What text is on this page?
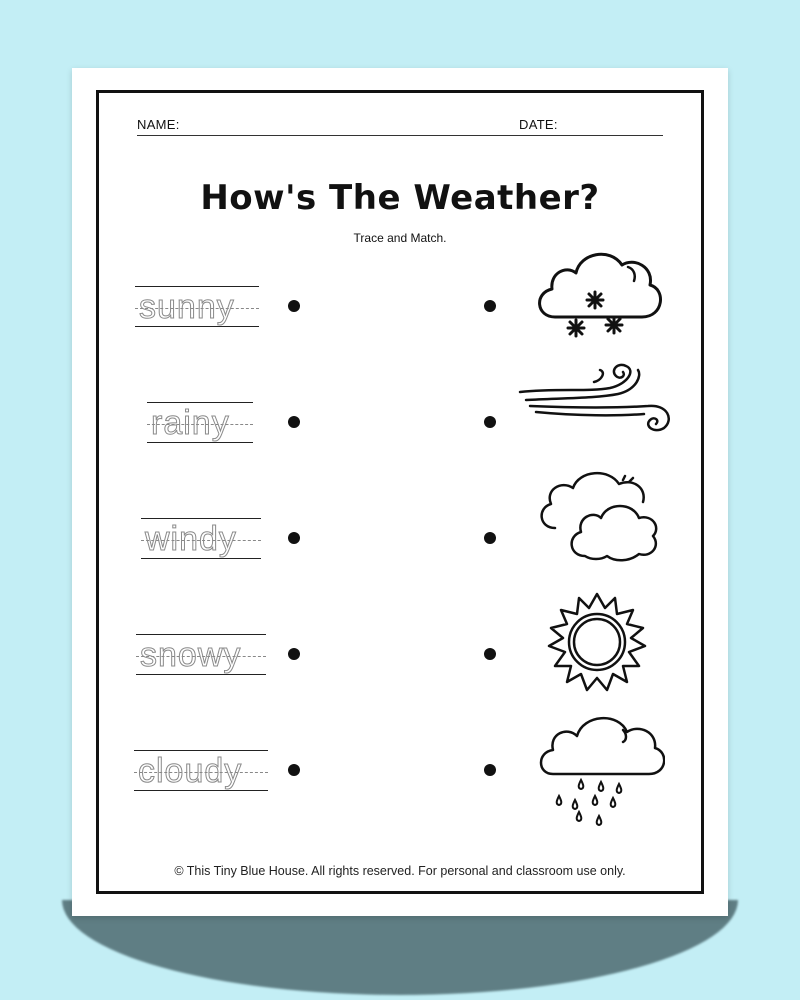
NAME:	DATE:
How's The Weather?
Trace and Match.
sunny
rainy
windy
snowy
cloudy
© This Tiny Blue House. All rights reserved. For personal and classroom use only.
